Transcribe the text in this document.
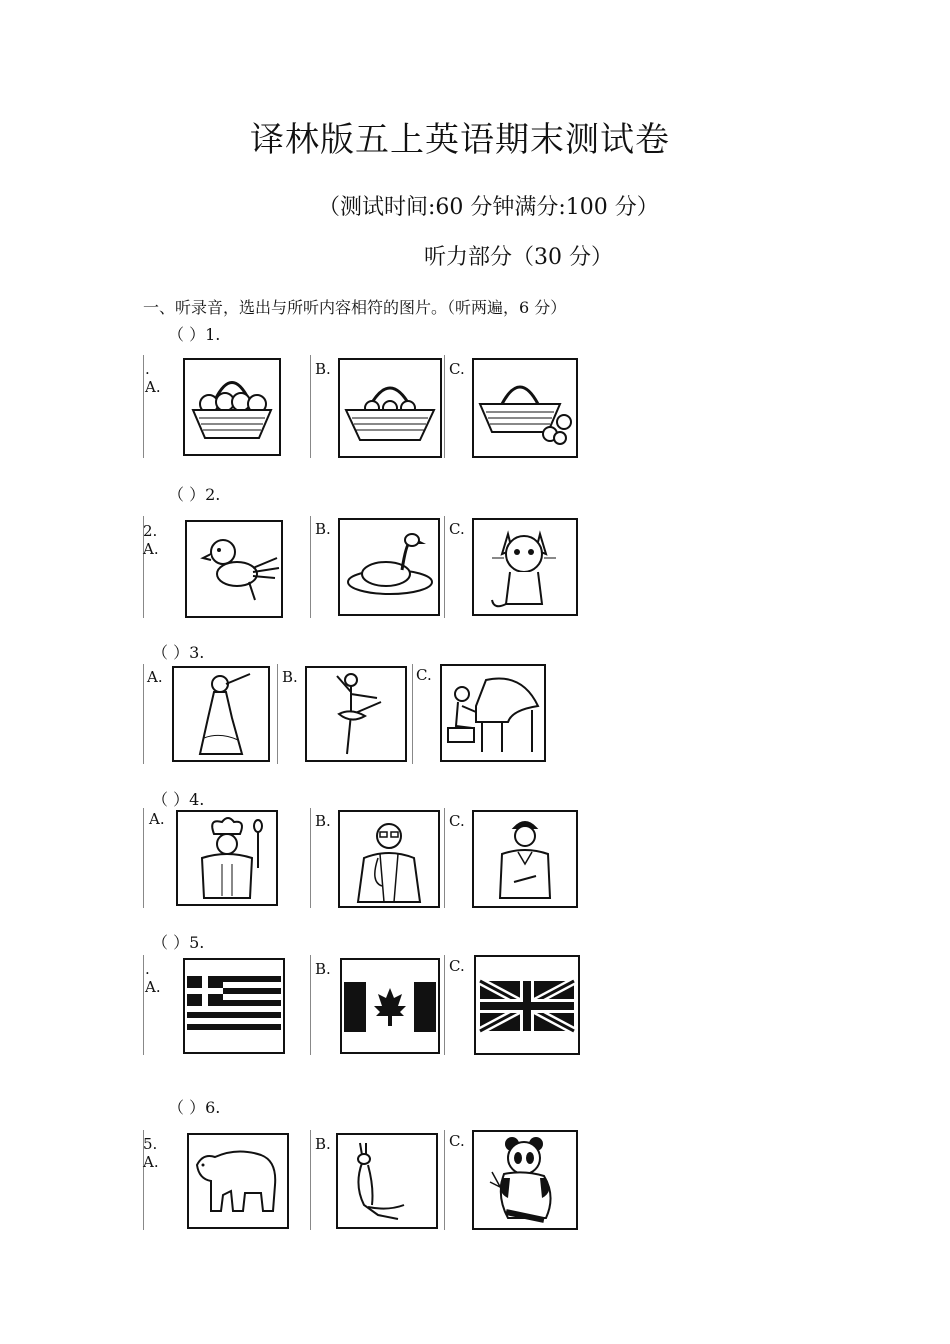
译林版五上英语期末测试卷
（测试时间:60 分钟满分:100 分）
听力部分（30 分）
一、听录音，选出与所听内容相符的图片。（听两遍，6 分）
（ ）1.
. A.
B.	C.
（ ）2.
2. A.
B.	C.
（ ）3.
A.	B.	C.
（ ）4.
A.	B.	C.
（ ）5.
. A.
B.	C.
（ ）6.
5. A.
B.	C.
